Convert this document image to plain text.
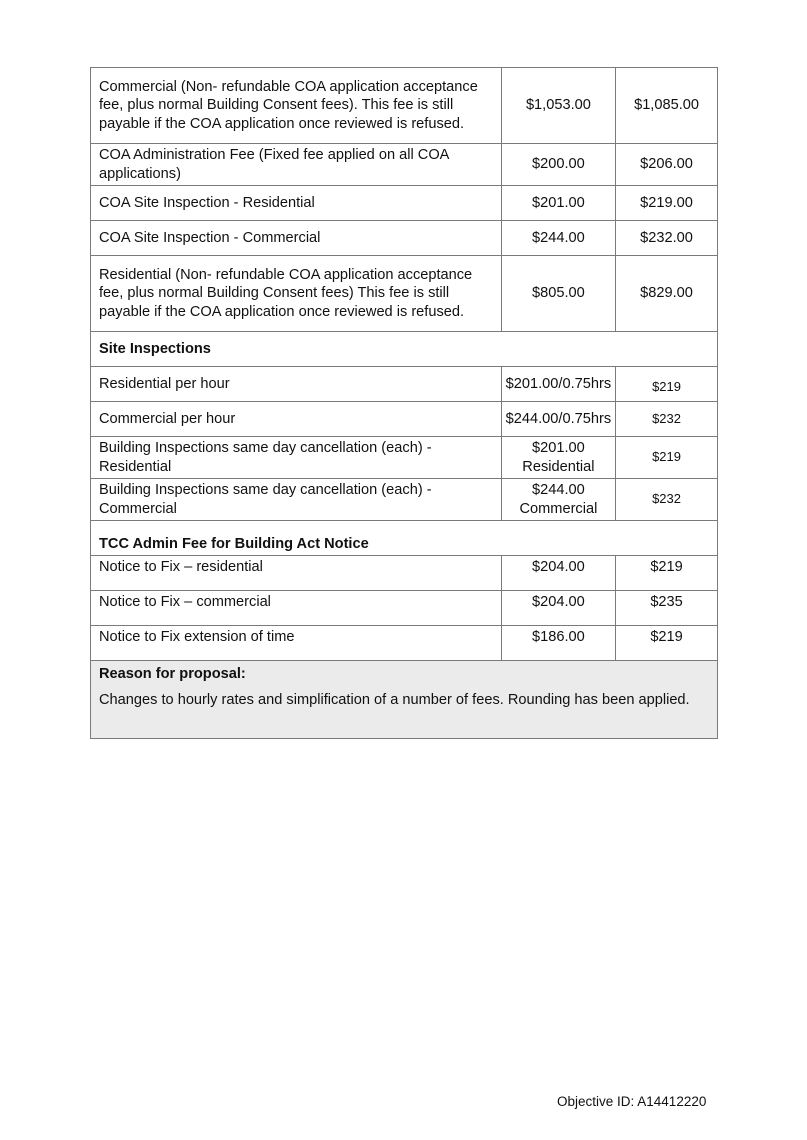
Commercial (Non- refundable COA application acceptance fee, plus normal Building Consent fees). This fee is still payable if the COA application once reviewed is refused.	$1,053.00	$1,085.00
COA Administration Fee (Fixed fee applied on all COA applications)	$200.00	$206.00
COA Site Inspection - Residential	$201.00	$219.00
COA Site Inspection - Commercial	$244.00	$232.00
Residential (Non- refundable COA application acceptance fee, plus normal Building Consent fees) This fee is still payable if the COA application once reviewed is refused.	$805.00	$829.00
Site Inspections		
Residential per hour	$201.00/0.75hrs	$219
Commercial per hour	$244.00/0.75hrs	$232
Building Inspections same day cancellation (each) - Residential	$201.00 Residential	$219
Building Inspections same day cancellation (each) - Commercial	$244.00 Commercial	$232
TCC Admin Fee for Building Act Notice		
Notice to Fix – residential	$204.00	$219
Notice to Fix – commercial	$204.00	$235
Notice to Fix extension of time	$186.00	$219

Reason for proposal:
Changes to hourly rates and simplification of a number of fees. Rounding has been applied.		
Objective ID: A14412220
